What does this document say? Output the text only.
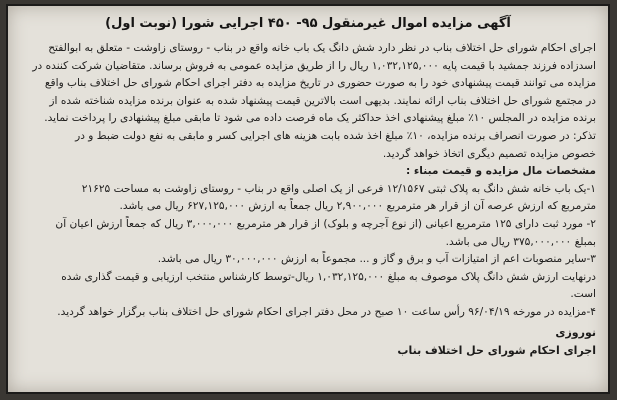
آگهی مزایده اموال غیرمنقول ۹۵- ۴۵۰ اجرایی شورا (نوبت اول)
اجرای احکام شورای حل اختلاف بناب در نظر دارد شش دانگ یک باب خانه واقع در بناب - روستای زاوشت - متعلق به ابوالفتح
اسدزاده فرزند جمشید با قیمت پایه ۱,۰۳۲,۱۲۵,۰۰۰ ریال را از طریق مزایده عمومی به فروش برساند. متقاضیان شرکت کننده در
مزایده می توانند قیمت پیشنهادی خود را به صورت حضوری در تاریخ مزایده به دفتر اجرای احکام شورای حل اختلاف بناب واقع
در مجتمع شورای حل اختلاف بناب ارائه نمایند. بدیهی است بالاترین قیمت پیشنهاد شده به عنوان برنده مزایده شناخته شده از
برنده مزایده در المجلس ۱۰٪ مبلغ پیشنهادی اخذ حداکثر یک ماه فرصت داده می شود تا مابقی مبلغ پیشنهادی را پرداخت نماید.
تذکر: در صورت انصراف برنده مزایده، ۱۰٪ مبلغ اخذ شده بابت هزینه های اجرایی کسر و مابقی به نفع دولت ضبط و در
خصوص مزایده تصمیم دیگری اتخاذ خواهد گردید.
مشخصات مال مزایده و قیمت مبناء :
۱-یک باب خانه شش دانگ به پلاک ثبتی ۱۲/۱۵۶۷ فرعی از یک اصلی واقع در بناب - روستای زاوشت به مساحت ۲۱۶۲۵
مترمربع که ارزش عرصه آن از قرار هر مترمربع ۲,۹۰۰,۰۰۰ ریال جمعاً به ارزش ۶۲۷,۱۲۵,۰۰۰ ریال می باشد.
۲- مورد ثبت دارای ۱۲۵ مترمربع اعیانی (از نوع آجرچه و بلوک) از قرار هر مترمربع ۳,۰۰۰,۰۰۰ ریال که جمعاً ارزش اعیان آن
بمبلغ ۳۷۵,۰۰۰,۰۰۰ ریال می باشد.
۳-سایر منصوبات اعم از امتیازات آب و برق و گاز و ... مجموعاً به ارزش ۳۰,۰۰۰,۰۰۰ ریال می باشد.
درنهایت ارزش شش دانگ پلاک موصوف به مبلغ ۱,۰۳۲,۱۲۵,۰۰۰ ریال-توسط کارشناس منتخب ارزیابی و قیمت گذاری شده
است.
۴-مزایده در مورخه ۹۶/۰۴/۱۹ رأس ساعت ۱۰ صبح در محل دفتر اجرای احکام شورای حل اختلاف بناب برگزار خواهد گردید.
نوروزی
اجرای احکام شورای حل اختلاف بناب
